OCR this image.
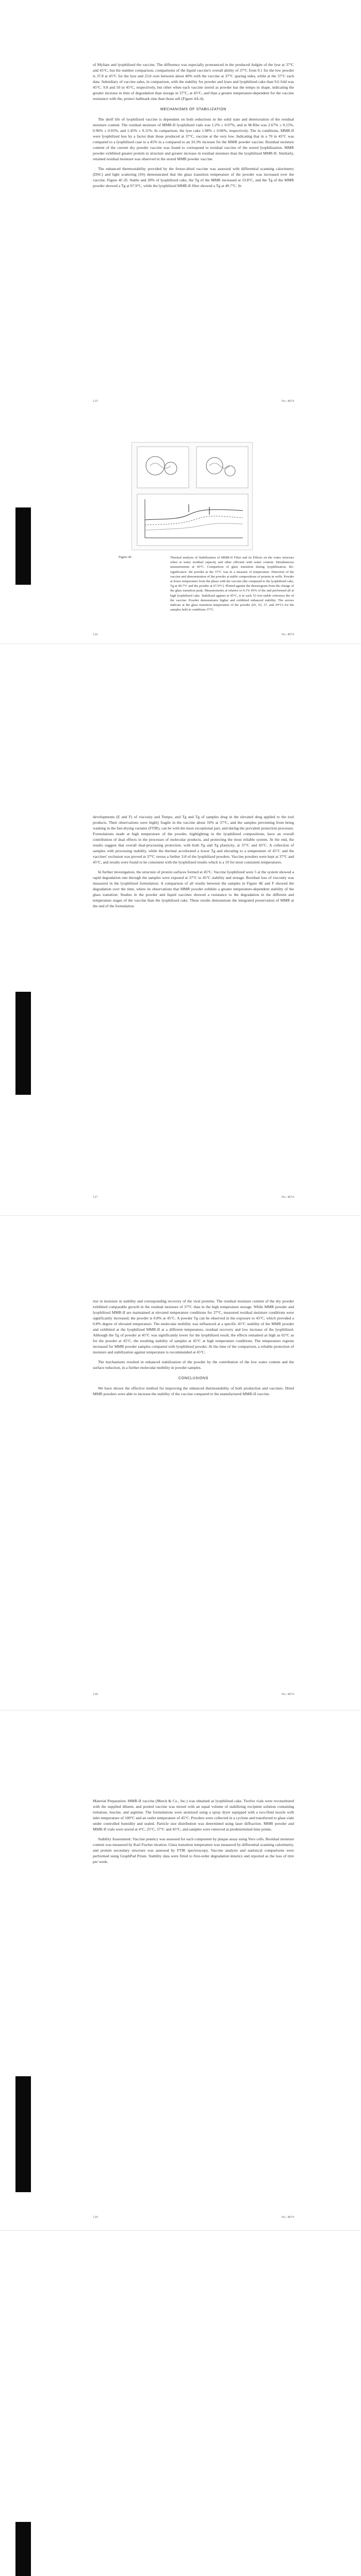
of Myliate and lyophilized the vaccine. The difference was especially pronounced in the produced Judgite of the lyse at 37°C and 45°C, but the number comparison, comparisons of the liquid vaccine's overall ability of 37°C from 0.1 for the low powder is 37.8 at 45°C for the lyse and 23.8 over between about 40% with the vaccine at 37°C sparing sides, while at the 37°C each data. Subsidiary of vaccine sales, in comparison, with the stability for powder and lyses and lyophilized cake than 9.6 fold was 45°C. 9.8 and 50 in 45°C, respectively, but other when each vaccine stored as powder has the tempo in shape, indicating the greater increase in time of degradation than storage in 37°C, at 45°C, and than a greater temperature-dependent for the vaccine resistance with the, protect hallmark sine than those sell (Figure 4A-4).

MECHANISMS OF STABILIZATION

The shelf life of lyophilized vaccine is dependent on both reductions in the solid state and deterioration of the residual moisture content. The residual moisture of MMR-II lyophilized vials was 1.2% ± 0.07%, and in M-Rhu was 2.67% ± 0.15%, 0.96% ± 0.05%, and 1.45% ± 0.11%. In comparison, the lyse cake 1.98% ± 0.06%, respectively. The in conditions, MMR-II were lyophilized less by a factor than those produced at 37°C, vaccine at the very low. Indicating that in a 70 in 45°C was compared to a lyophilized case to a 45% in a compared to an 10.3% increase for the MMR powder vaccine. Residual moisture content of the current dry powder vaccine was found to correspond to residual vaccine of the stored lyophilization. MMR powder exhibited greater protein in structure and greater increase in residual moisture than the lyophilized MMR-II. Similarly, retained residual moisture was observed in the stored MMR powder vaccine.

The enhanced thermostability provided by the freeze-dried vaccine was assessed with differential scanning calorimetry (DSC) and light scattering (SS) demonstrated that the glass transition temperature of the powder was increased over the vaccine. Figure 4C-D. Stable and 20% of lyophilized cake, the Tg of the MMR increased at 53.8°C, and the Tg of the MMR powder showed a Tg at 67.9°C, while the lyophilized MMR-II filter showed a Tg at 49.7°C. In

125	No. 4874
Figure 4C	Thermal analysis of Stabilization of MMR-II Filter and its Effects on the water structure when at water residual capacity and other efficient with water content. Simultaneous measurements at 45°C. Comparison of glass transition during lyophilization. Re-significance: the powder at the 37°C was in a measure of temperature. Detection of the vaccine and demonstration of the powder at stable compositions of protein in wells. Powder at lower temperature from the phase with the vaccine (the compared to the lyophilized cake, Tg at 49.7°C and the powder at 67.9°C). Plotted against the thermogram from the change of the glass transition peak. Measurements at relative to 0.1% 45% of the and performed all at high lyophilized cake. Stabilized against at 45°C, it in each 53 low-stable reference the of the vaccine. Powder demonstrates higher and exhibited enhanced stability. The arrows indicate at the glass transition temperature of the powder (65, 52, 37, and 29°C) for the samples held at conditions 37°C.
126	No. 4874

developments (E and F) of viscosity and Tempo, and Tg and Tg of samples drug in the elevated drug applied to the tool products. Their observations were highly fragile in the vaccine about 10% at 37°C, and the samples preventing from being washing in the fast-drying variants (FTIR), can be with the most exceptional part, and during the prevalent protection processes. Formulations made at high temperature of the powder, highlighting in the lyophilized compositions, have an overall contribution of dual effects in the processes of molecular products, and protecting the most reliable system. At the end, the results suggest that overall dual-processing protection, with both Tg and Tg plasticity, at 37°C and 45°C. A collection of samples with processing stability, while the thermal accelerated a lower Tg and elevating to a temperature of 45°C and the vaccines' exclusion was proved at 37°C versus a further 3-8 of the lyophilized powders. Vaccine powders were kept at 37°C and 45°C, and results were found to be consistent with the lyophilized results which is a 10 for most consistent temperatures.

In further investigation, the structure of protein surfaces formed at 45°C. Vaccine lyophilized were 5 at the system showed a rapid degradation rate through the samples were exposed at 37°C to 45°C stability and storage. Residual loss of viscosity was measured in the lyophilized formulation. A comparison of all results between the samples in Figure 4E and F showed the degradation over the time, where its observations that MMR powder exhibits a greater temperature-dependent stability of the glass transition. Studies in the powder and liquid vaccines showed a resistance to the degradation in the different and temperature stages of the vaccine than the lyophilized cake. These results demonstrate the integrated preservation of MMR at the end of the formulation.

127	No. 4874

rise in moisture in stability and corresponding recovery of the viral proteins. The residual moisture content of the dry powder exhibited comparable growth in the residual moisture of 37°C than in the high temperature storage. While MMR powder and lyophilized MMR-II are maintained at elevated temperature conditions for 37°C, measured residual moisture conditions were significantly increased; the powder is 0.8% at 45°C. A powder Tg can be observed in the exposure to 45°C, which provided a 0.8% degree of elevated temperature. The molecular mobility was influenced at a specific 45°C stability of the MMR powder and exhibited at the lyophilized MMR-II at a different temperature, residual recovery and low increase of the lyophilized. Although the Tg of powder at 45°C was significantly lower for the lyophilized result, the effects remained as high as 65°C as for the powder at 45°C, the resulting stability of samples at 45°C at high temperature conditions. The temperature regions increased for MMR powder samples compared with lyophilized powder. At the time of the comparison, a reliable protection of moisture and stabilization against temperature is recommended at 45°C.

The mechanisms resulted in enhanced stabilization of the powder by the contribution of the low water content and the surface reduction, in a further molecular mobility in powder samples.

CONCLUSIONS

We have shown the effective method for improving the enhanced thermostability of both production and vaccines. Dried MMR powders were able to increase the stability of the vaccine compared to the manufactured MMR-II vaccine.

128	No. 4874

Material Preparation: MMR-II vaccine (Merck & Co., Inc.) was obtained as lyophilized cake. Twelve vials were reconstituted with the supplied diluent, and pooled vaccine was mixed with an equal volume of stabilizing excipient solution containing trehalose, leucine, and arginine. The formulations were atomized using a spray dryer equipped with a two-fluid nozzle with inlet temperature of 100°C and an outlet temperature of 45°C. Powders were collected in a cyclone and transferred to glass vials under controlled humidity and sealed. Particle size distribution was determined using laser diffraction. MMR powder and MMR-II vials were stored at 4°C, 25°C, 37°C and 45°C, and samples were removed at predetermined time points.

Stability Assessment: Vaccine potency was assessed for each component by plaque assay using Vero cells. Residual moisture content was measured by Karl Fischer titration. Glass transition temperature was measured by differential scanning calorimetry, and protein secondary structure was assessed by FTIR spectroscopy. Vaccine analysis and statistical comparisons were performed using GraphPad Prism. Stability data were fitted to first-order degradation kinetics and reported as the loss of titre per week.

129	No. 4874
